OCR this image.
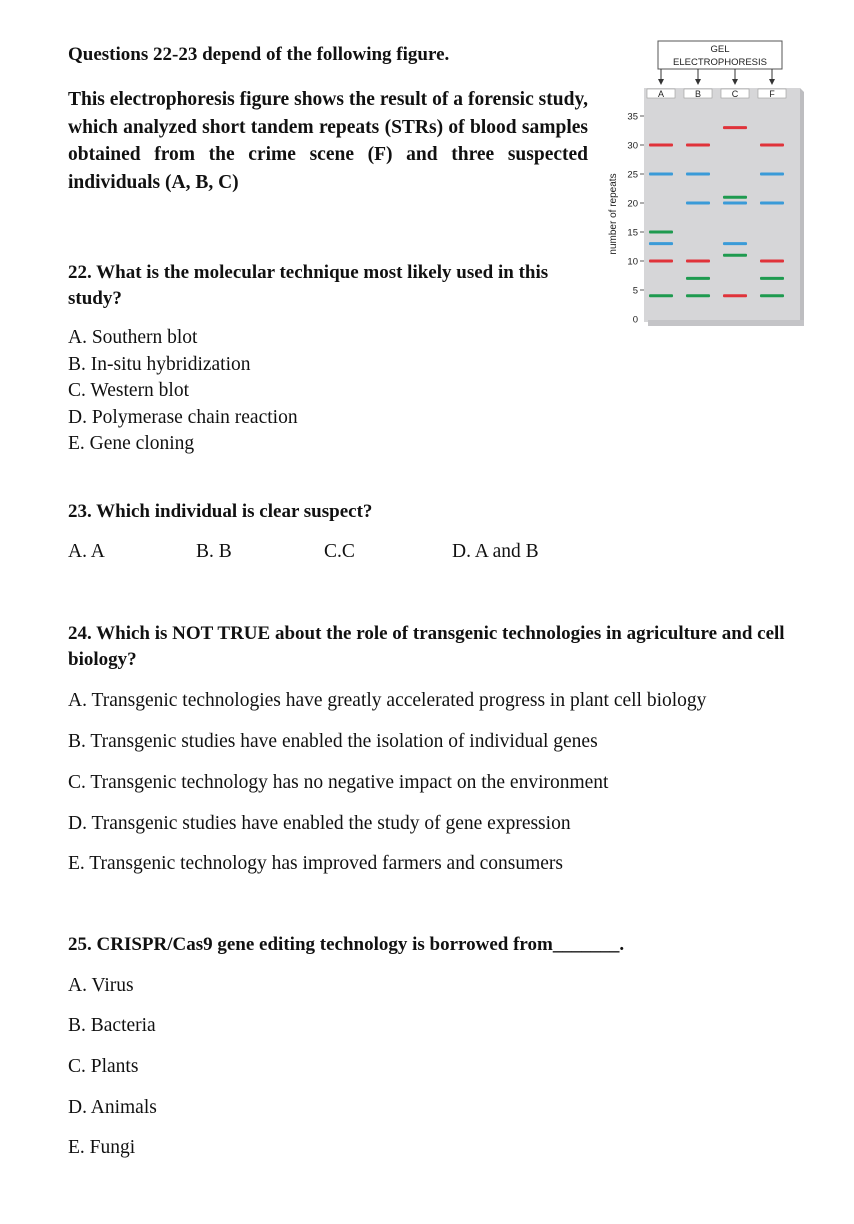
Questions 22-23 depend of the following figure.
This electrophoresis figure shows the result of a forensic study, which analyzed short tandem repeats (STRs) of blood samples obtained from the crime scene (F) and three suspected individuals (A, B, C)
GEL
ELECTROPHORESIS
A	B	C	F
35
30
25
20
15
10
5
0
number of repeats
22. What is the molecular technique most likely used in this study?
A. Southern blot
B. In-situ hybridization
C. Western blot
D. Polymerase chain reaction
E. Gene cloning
23. Which individual is clear suspect?
A. A	B. B	C.C	D. A and B
24. Which is NOT TRUE about the role of transgenic technologies in agriculture and cell biology?
A. Transgenic technologies have greatly accelerated progress in plant cell biology
B. Transgenic studies have enabled the isolation of individual genes
C. Transgenic technology has no negative impact on the environment
D. Transgenic studies have enabled the study of gene expression
E. Transgenic technology has improved farmers and consumers
25. CRISPR/Cas9 gene editing technology is borrowed from_______.
A. Virus
B. Bacteria
C. Plants
D. Animals
E. Fungi
